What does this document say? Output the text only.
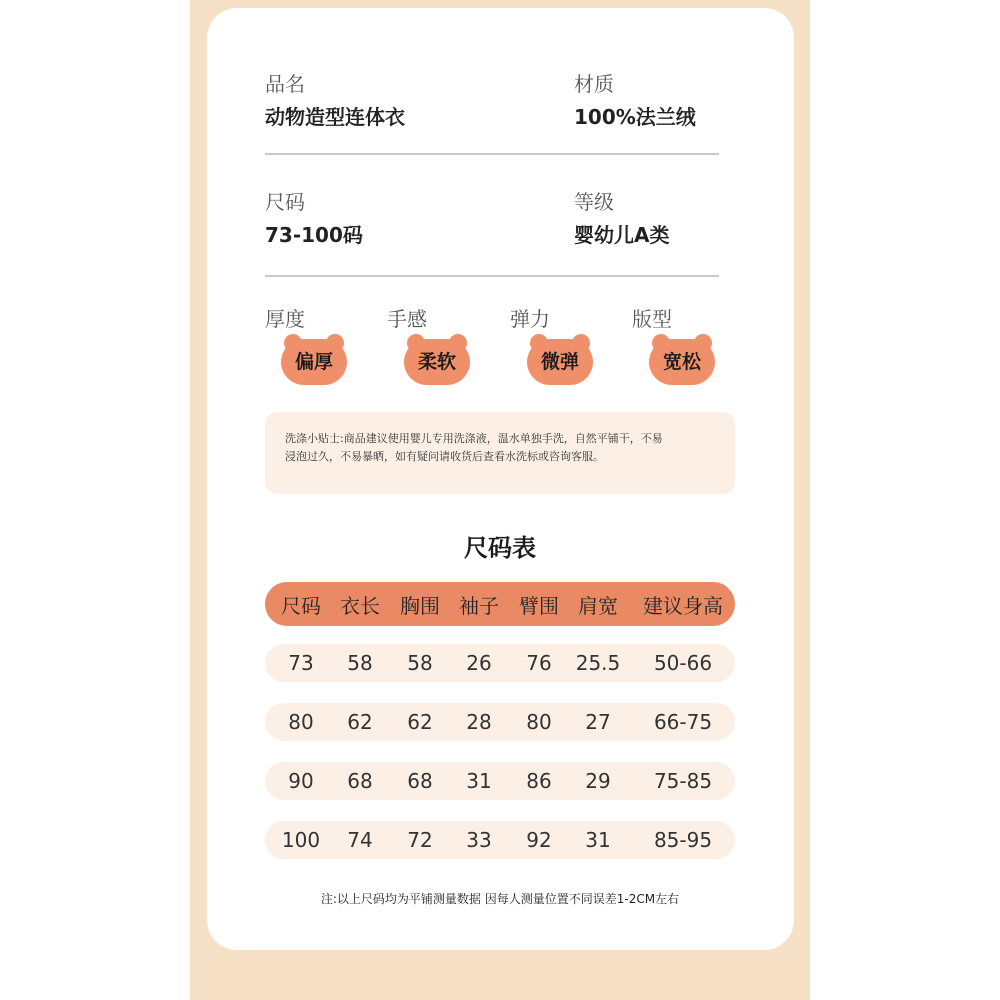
品名
动物造型连体衣
材质
100%法兰绒
尺码
73-100码
等级
婴幼儿A类
厚度	手感	弹力	版型
偏厚	柔软	微弹	宽松
洗涤小贴士:商品建议使用婴儿专用洗涤液，温水单独手洗，自然平铺干，不易
浸泡过久，不易暴晒，如有疑问请收货后查看水洗标或咨询客服。
尺码表
尺码 衣长 胸围 袖子 臂围 肩宽 建议身高
73 58 58 26 76 25.5 50-66
80 62 62 28 80 27 66-75
90 68 68 31 86 29 75-85
100 74 72 33 92 31 85-95
注:以上尺码均为平铺测量数据 因每人测量位置不同误差1-2CM左右
